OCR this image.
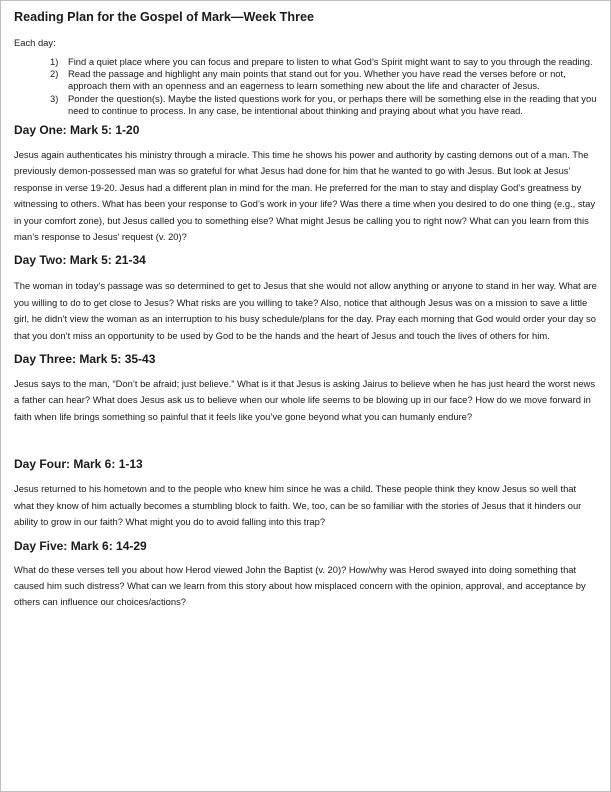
Reading Plan for the Gospel of Mark—Week Three

Each day:

1) Find a quiet place where you can focus and prepare to listen to what God’s Spirit might want to say to you through the reading.
2) Read the passage and highlight any main points that stand out for you. Whether you have read the verses before or not, approach them with an openness and an eagerness to learn something new about the life and character of Jesus.
3) Ponder the question(s). Maybe the listed questions work for you, or perhaps there will be something else in the reading that you need to continue to process. In any case, be intentional about thinking and praying about what you have read.
Day One: Mark 5: 1-20

Jesus again authenticates his ministry through a miracle. This time he shows his power and authority by casting demons out of a man. The previously demon-possessed man was so grateful for what Jesus had done for him that he wanted to go with Jesus. But look at Jesus’ response in verse 19-20. Jesus had a different plan in mind for the man. He preferred for the man to stay and display God’s greatness by witnessing to others. What has been your response to God’s work in your life? Was there a time when you desired to do one thing (e.g., stay in your comfort zone), but Jesus called you to something else? What might Jesus be calling you to right now? What can you learn from this man’s response to Jesus’ request (v. 20)?

Day Two: Mark 5: 21-34

The woman in today’s passage was so determined to get to Jesus that she would not allow anything or anyone to stand in her way. What are you willing to do to get close to Jesus? What risks are you willing to take? Also, notice that although Jesus was on a mission to save a little girl, he didn’t view the woman as an interruption to his busy schedule/plans for the day. Pray each morning that God would order your day so that you don’t miss an opportunity to be used by God to be the hands and the heart of Jesus and touch the lives of others for him.

Day Three: Mark 5: 35-43

Jesus says to the man, “Don’t be afraid; just believe.” What is it that Jesus is asking Jairus to believe when he has just heard the worst news a father can hear? What does Jesus ask us to believe when our whole life seems to be blowing up in our face? How do we move forward in faith when life brings something so painful that it feels like you’ve gone beyond what you can humanly endure?

Day Four: Mark 6: 1-13

Jesus returned to his hometown and to the people who knew him since he was a child. These people think they know Jesus so well that what they know of him actually becomes a stumbling block to faith. We, too, can be so familiar with the stories of Jesus that it hinders our ability to grow in our faith? What might you do to avoid falling into this trap?

Day Five: Mark 6: 14-29

What do these verses tell you about how Herod viewed John the Baptist (v. 20)? How/why was Herod swayed into doing something that caused him such distress? What can we learn from this story about how misplaced concern with the opinion, approval, and acceptance by others can influence our choices/actions?
